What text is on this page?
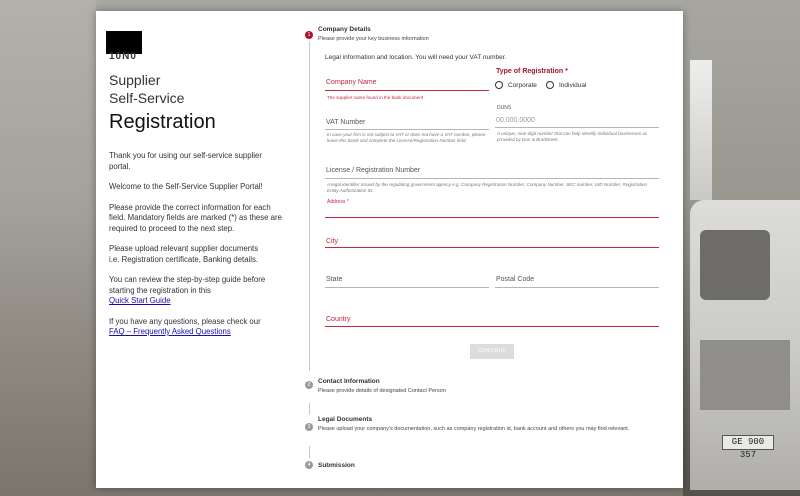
GE 900 357
10N0
Supplier
Self-Service
Registration

Thank you for using our self-service supplier portal.

Welcome to the Self-Service Supplier Portal!

Please provide the correct information for each field. Mandatory fields are marked (*) as these are required to proceed to the next step.

Please upload relevant supplier documents
i.e. Registration certificate, Banking details.

You can review the step-by-step guide before starting the registration in this
Quick Start Guide

If you have any questions, please check our
FAQ – Frequently Asked Questions

1
Company Details
Please provide your key business information
2	Contact Information
Please provide details of designated Contact Person
3
Legal Documents
Please upload your company's documentation, such as company registration id, bank account and others you may find relevant.
4	Submission
Legal information and location. You will need your VAT number.
Company Name
The supplier name found in the bank document
Type of Registration *
Corporate	Individual
DUNS
00.000.0000
A unique, nine-digit number that can help identify individual businesses as provided by Dun & Bradstreet.
VAT Number
In case your firm is not subject to VAT or does not have a VAT number, please leave this blank and complete the License/Registration Number field.
License / Registration Number
A legal identifier issued by the regulating government agency e.g. Company Registration Number, Company Number, SEC number, UID Number, Registration Entity Authorization ID.
Address *
City
State	Postal Code
Country
CONTINUE
